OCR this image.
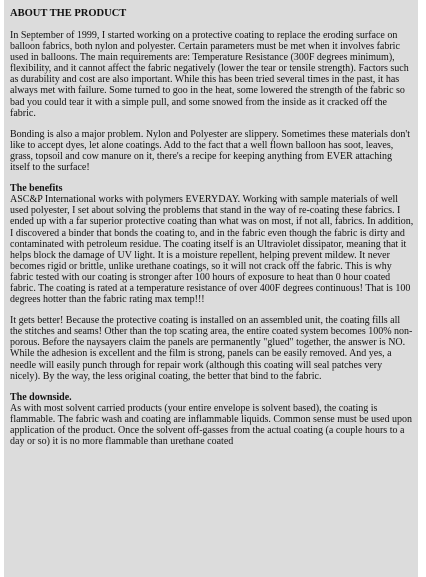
ABOUT THE PRODUCT

In September of 1999, I started working on a protective coating to replace the eroding surface on balloon fabrics, both nylon and polyester. Certain parameters must be met when it involves fabric used in balloons. The main requirements are: Temperature Resistance (300F degrees minimum), flexibility, and it cannot affect the fabric negatively (lower the tear or tensile strength). Factors such as durability and cost are also important. While this has been tried several times in the past, it has always met with failure. Some turned to goo in the heat, some lowered the strength of the fabric so bad you could tear it with a simple pull, and some snowed from the inside as it cracked off the fabric.

Bonding is also a major problem. Nylon and Polyester are slippery. Sometimes these materials don't like to accept dyes, let alone coatings. Add to the fact that a well flown balloon has soot, leaves, grass, topsoil and cow manure on it, there's a recipe for keeping anything from EVER attaching itself to the surface!

The benefits

ASC&P International works with polymers EVERYDAY. Working with sample materials of well used polyester, I set about solving the problems that stand in the way of re-coating these fabrics. I ended up with a far superior protective coating than what was on most, if not all, fabrics. In addition, I discovered a binder that bonds the coating to, and in the fabric even though the fabric is dirty and contaminated with petroleum residue. The coating itself is an Ultraviolet dissipator, meaning that it helps block the damage of UV light. It is a moisture repellent, helping prevent mildew. It never becomes rigid or brittle, unlike urethane coatings, so it will not crack off the fabric. This is why fabric tested with our coating is stronger after 100 hours of exposure to heat than 0 hour coated fabric. The coating is rated at a temperature resistance of over 400F degrees continuous! That is 100 degrees hotter than the fabric rating max temp!!!

It gets better! Because the protective coating is installed on an assembled unit, the coating fills all the stitches and seams! Other than the top scating area, the entire coated system becomes 100% non-porous. Before the naysayers claim the panels are permanently "glued" together, the answer is NO. While the adhesion is excellent and the film is strong, panels can be easily removed. And yes, a needle will easily punch through for repair work (although this coating will seal patches very nicely). By the way, the less original coating, the better that bind to the fabric.

The downside.

As with most solvent carried products (your entire envelope is solvent based), the coating is flammable. The fabric wash and coating are inflammable liquids. Common sense must be used upon application of the product. Once the solvent off-gasses from the actual coating (a couple hours to a day or so) it is no more flammable than urethane coated
